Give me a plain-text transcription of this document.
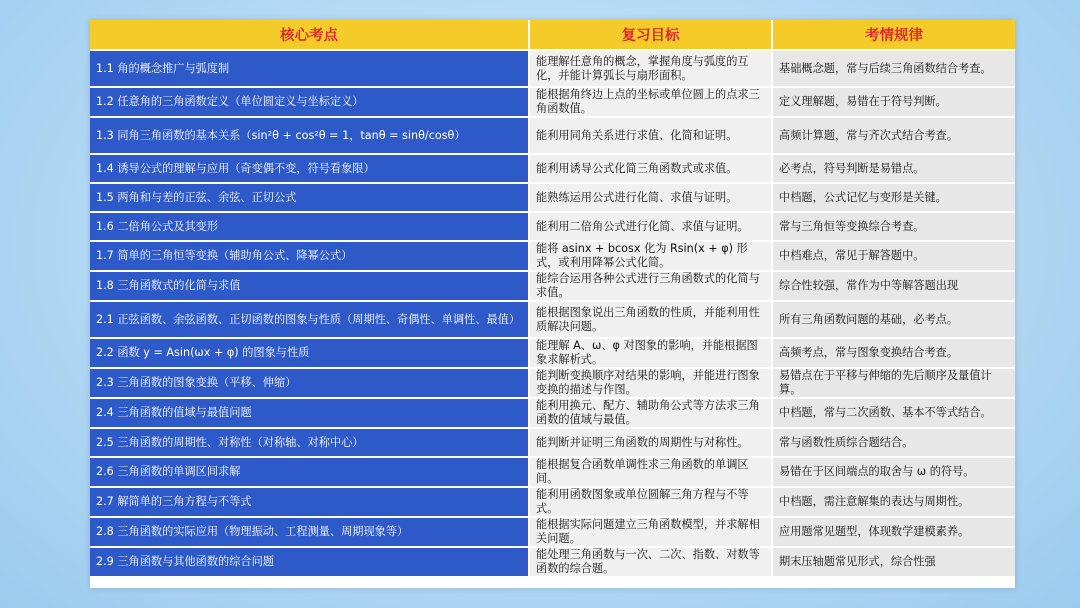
核心考点	复习目标	考情规律
1.1 角的概念推广与弧度制	能理解任意角的概念，掌握角度与弧度的互化，并能计算弧长与扇形面积。	基础概念题，常与后续三角函数结合考查。
1.2 任意角的三角函数定义（单位圆定义与坐标定义）	能根据角终边上点的坐标或单位圆上的点求三角函数值。	定义理解题，易错在于符号判断。
1.3 同角三角函数的基本关系（sin²θ + cos²θ = 1，tanθ = sinθ/cosθ）	能利用同角关系进行求值、化简和证明。	高频计算题，常与齐次式结合考查。
1.4 诱导公式的理解与应用（奇变偶不变，符号看象限）	能利用诱导公式化简三角函数式或求值。	必考点，符号判断是易错点。
1.5 两角和与差的正弦、余弦、正切公式	能熟练运用公式进行化简、求值与证明。	中档题，公式记忆与变形是关键。
1.6 二倍角公式及其变形	能利用二倍角公式进行化简、求值与证明。	常与三角恒等变换综合考查。
1.7 简单的三角恒等变换（辅助角公式、降幂公式）	能将 asinx + bcosx 化为 Rsin(x + φ) 形式，或利用降幂公式化简。	中档难点，常见于解答题中。
1.8 三角函数式的化简与求值	能综合运用各种公式进行三角函数式的化简与求值。	综合性较强，常作为中等解答题出现
2.1 正弦函数、余弦函数、正切函数的图象与性质（周期性、奇偶性、单调性、最值）	能根据图象说出三角函数的性质，并能利用性质解决问题。	所有三角函数问题的基础，必考点。
2.2 函数 y = Asin(ωx + φ) 的图象与性质	能理解 A、ω、φ 对图象的影响，并能根据图象求解析式。	高频考点，常与图象变换结合考查。
2.3 三角函数的图象变换（平移、伸缩）	能判断变换顺序对结果的影响，并能进行图象变换的描述与作图。	易错点在于平移与伸缩的先后顺序及量值计算。
2.4 三角函数的值域与最值问题	能利用换元、配方、辅助角公式等方法求三角函数的值域与最值。	中档题，常与二次函数、基本不等式结合。
2.5 三角函数的周期性、对称性（对称轴、对称中心）	能判断并证明三角函数的周期性与对称性。	常与函数性质综合题结合。
2.6 三角函数的单调区间求解	能根据复合函数单调性求三角函数的单调区间。	易错在于区间端点的取舍与 ω 的符号。
2.7 解简单的三角方程与不等式	能利用函数图象或单位圆解三角方程与不等式。	中档题，需注意解集的表达与周期性。
2.8 三角函数的实际应用（物理振动、工程测量、周期现象等）	能根据实际问题建立三角函数模型，并求解相关问题。	应用题常见题型，体现数学建模素养。
2.9 三角函数与其他函数的综合问题	能处理三角函数与一次、二次、指数、对数等函数的综合题。	期末压轴题常见形式，综合性强
